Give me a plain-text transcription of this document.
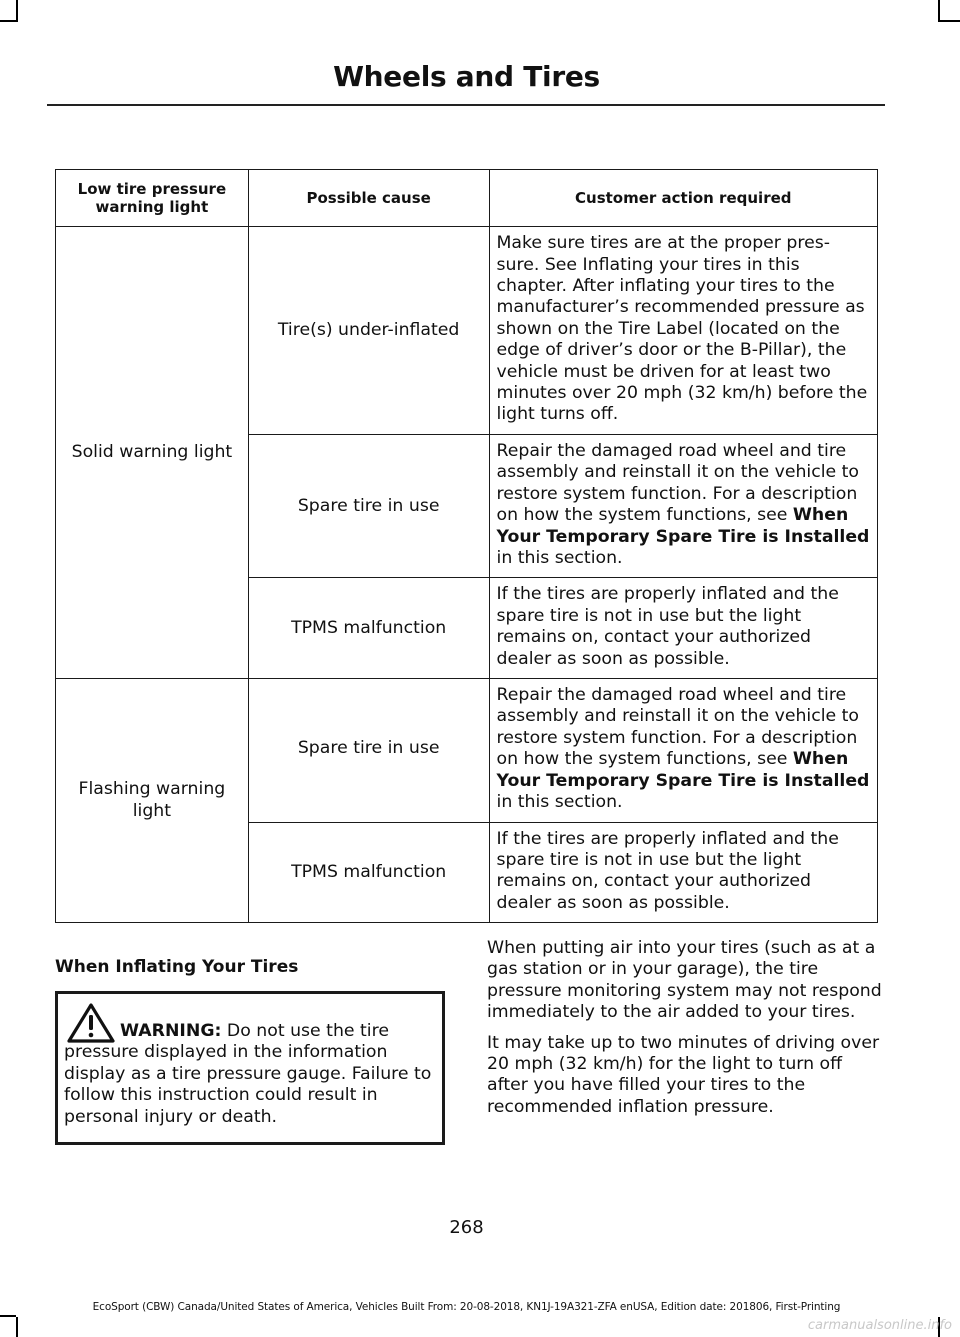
Wheels and Tires
Low tire pressure warning light	Possible cause	Customer action required
Solid warning light	Tire(s) under-inflated	Make sure tires are at the proper pres-sure. See Inflating your tires in this chapter. After inflating your tires to the manufacturer’s recommended pressure as shown on the Tire Label (located on the edge of driver’s door or the B-Pillar), the vehicle must be driven for at least two minutes over 20 mph (32 km/h) before the light turns off.
	Spare tire in use	Repair the damaged road wheel and tire assembly and reinstall it on the vehicle to restore system function. For a description on how the system functions, see When Your Temporary Spare Tire is Installed in this section.
	TPMS malfunction	If the tires are properly inflated and the spare tire is not in use but the light remains on, contact your authorized dealer as soon as possible.
Flashing warning light	Spare tire in use	Repair the damaged road wheel and tire assembly and reinstall it on the vehicle to restore system function. For a description on how the system functions, see When Your Temporary Spare Tire is Installed in this section.
	TPMS malfunction	If the tires are properly inflated and the spare tire is not in use but the light remains on, contact your authorized dealer as soon as possible.
When Inflating Your Tires

WARNING: Do not use the tire pressure displayed in the information display as a tire pressure gauge. Failure to follow this instruction could result in personal injury or death.

When putting air into your tires (such as at a gas station or in your garage), the tire pressure monitoring system may not respond immediately to the air added to your tires.

It may take up to two minutes of driving over 20 mph (32 km/h) for the light to turn off after you have filled your tires to the recommended inflation pressure.

268

EcoSport (CBW) Canada/United States of America, Vehicles Built From: 20-08-2018, KN1J-19A321-ZFA enUSA, Edition date: 201806, First-Printing

carmanualsonline.info
